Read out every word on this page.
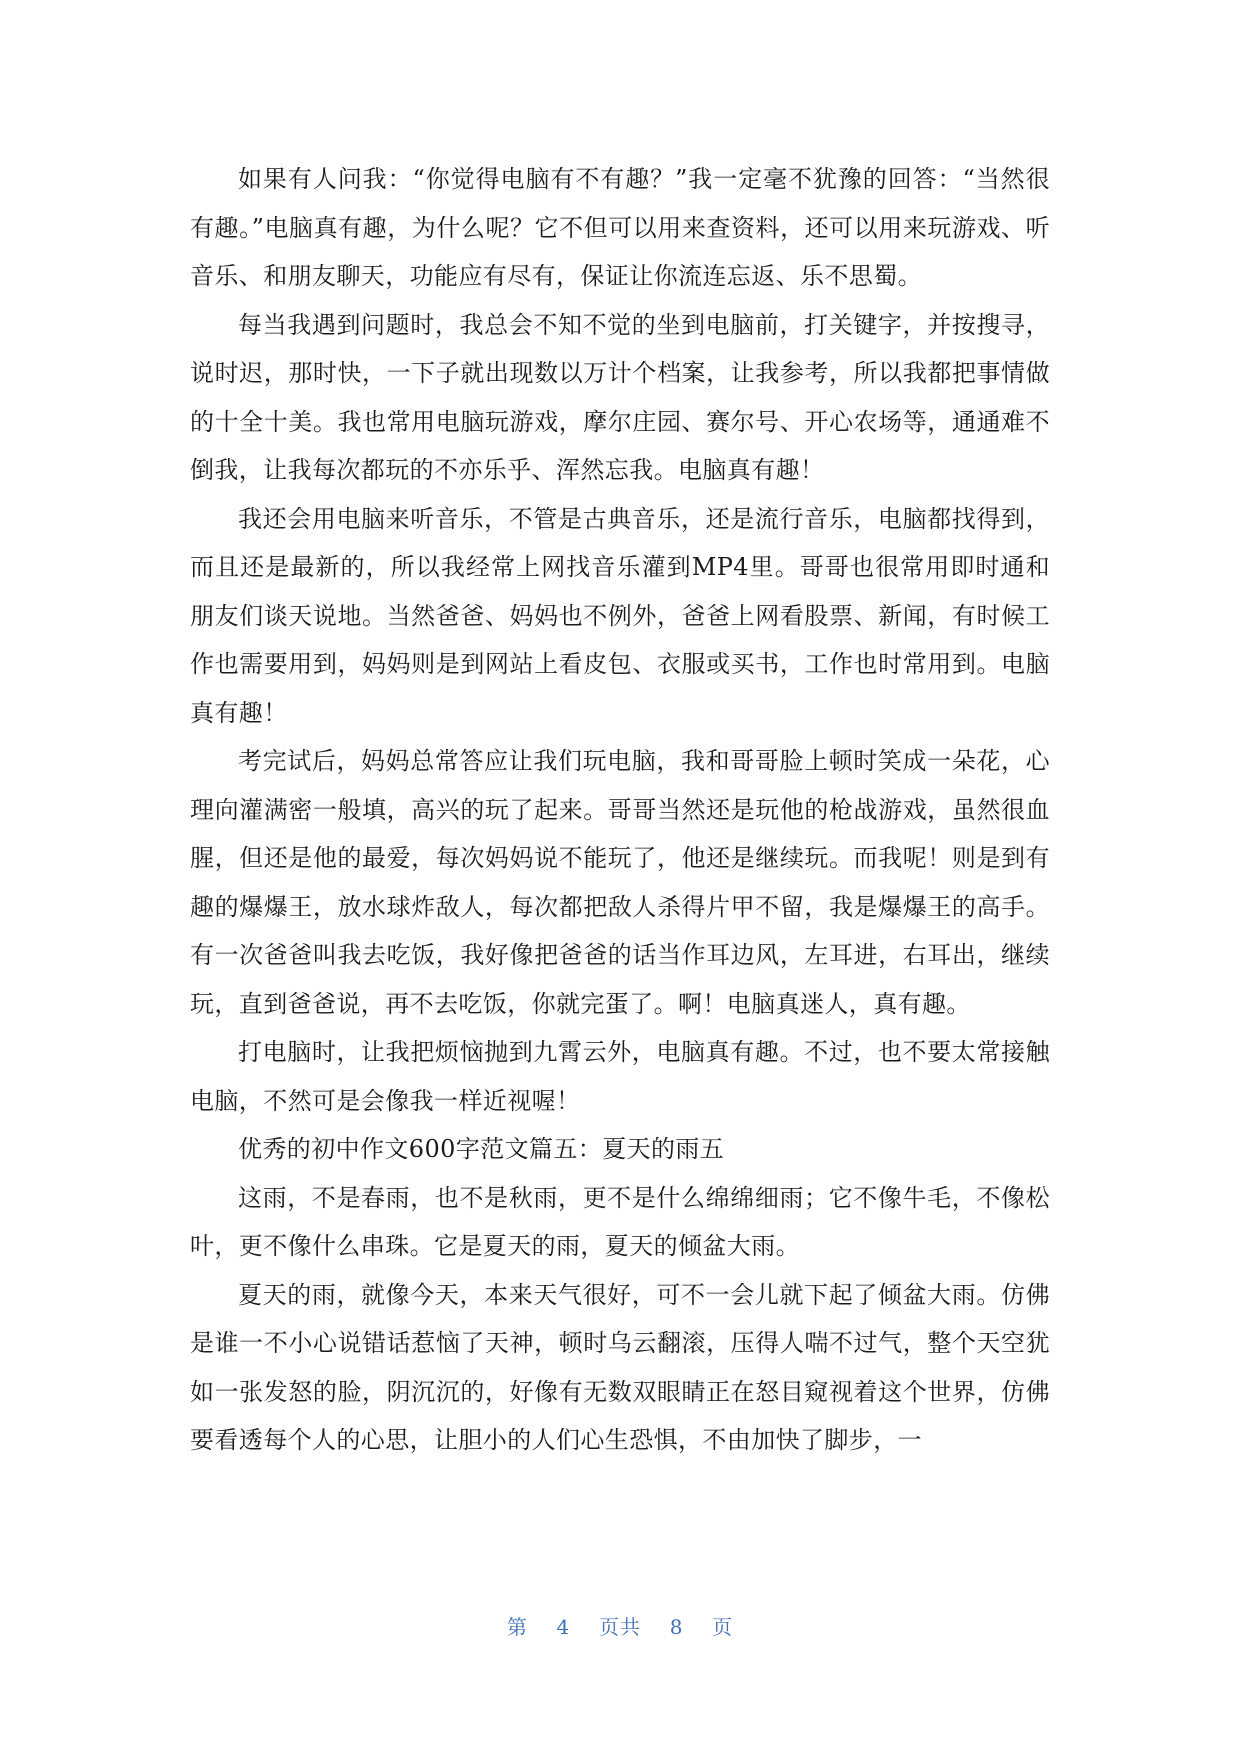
如果有人问我：“你觉得电脑有不有趣？”我一定毫不犹豫的回答：“当然很有趣。”电脑真有趣，为什么呢？它不但可以用来查资料，还可以用来玩游戏、听音乐、和朋友聊天，功能应有尽有，保证让你流连忘返、乐不思蜀。

每当我遇到问题时，我总会不知不觉的坐到电脑前，打关键字，并按搜寻，说时迟，那时快，一下子就出现数以万计个档案，让我参考，所以我都把事情做的十全十美。我也常用电脑玩游戏，摩尔庄园、赛尔号、开心农场等，通通难不倒我，让我每次都玩的不亦乐乎、浑然忘我。电脑真有趣！

我还会用电脑来听音乐，不管是古典音乐，还是流行音乐，电脑都找得到，而且还是最新的，所以我经常上网找音乐灌到MP4里。哥哥也很常用即时通和朋友们谈天说地。当然爸爸、妈妈也不例外，爸爸上网看股票、新闻，有时候工作也需要用到，妈妈则是到网站上看皮包、衣服或买书，工作也时常用到。电脑真有趣！

考完试后，妈妈总常答应让我们玩电脑，我和哥哥脸上顿时笑成一朵花，心理向灌满密一般填，高兴的玩了起来。哥哥当然还是玩他的枪战游戏，虽然很血腥，但还是他的最爱，每次妈妈说不能玩了，他还是继续玩。而我呢！则是到有趣的爆爆王，放水球炸敌人，每次都把敌人杀得片甲不留，我是爆爆王的高手。有一次爸爸叫我去吃饭，我好像把爸爸的话当作耳边风，左耳进，右耳出，继续玩，直到爸爸说，再不去吃饭，你就完蛋了。啊！电脑真迷人，真有趣。

打电脑时，让我把烦恼抛到九霄云外，电脑真有趣。不过，也不要太常接触电脑，不然可是会像我一样近视喔！

优秀的初中作文600字范文篇五：夏天的雨五

这雨，不是春雨，也不是秋雨，更不是什么绵绵细雨；它不像牛毛，不像松叶，更不像什么串珠。它是夏天的雨，夏天的倾盆大雨。

夏天的雨，就像今天，本来天气很好，可不一会儿就下起了倾盆大雨。仿佛是谁一不小心说错话惹恼了天神，顿时乌云翻滚，压得人喘不过气，整个天空犹如一张发怒的脸，阴沉沉的，好像有无数双眼睛正在怒目窥视着这个世界，仿佛要看透每个人的心思，让胆小的人们心生恐惧，不由加快了脚步，一

第 4 页共 8 页
